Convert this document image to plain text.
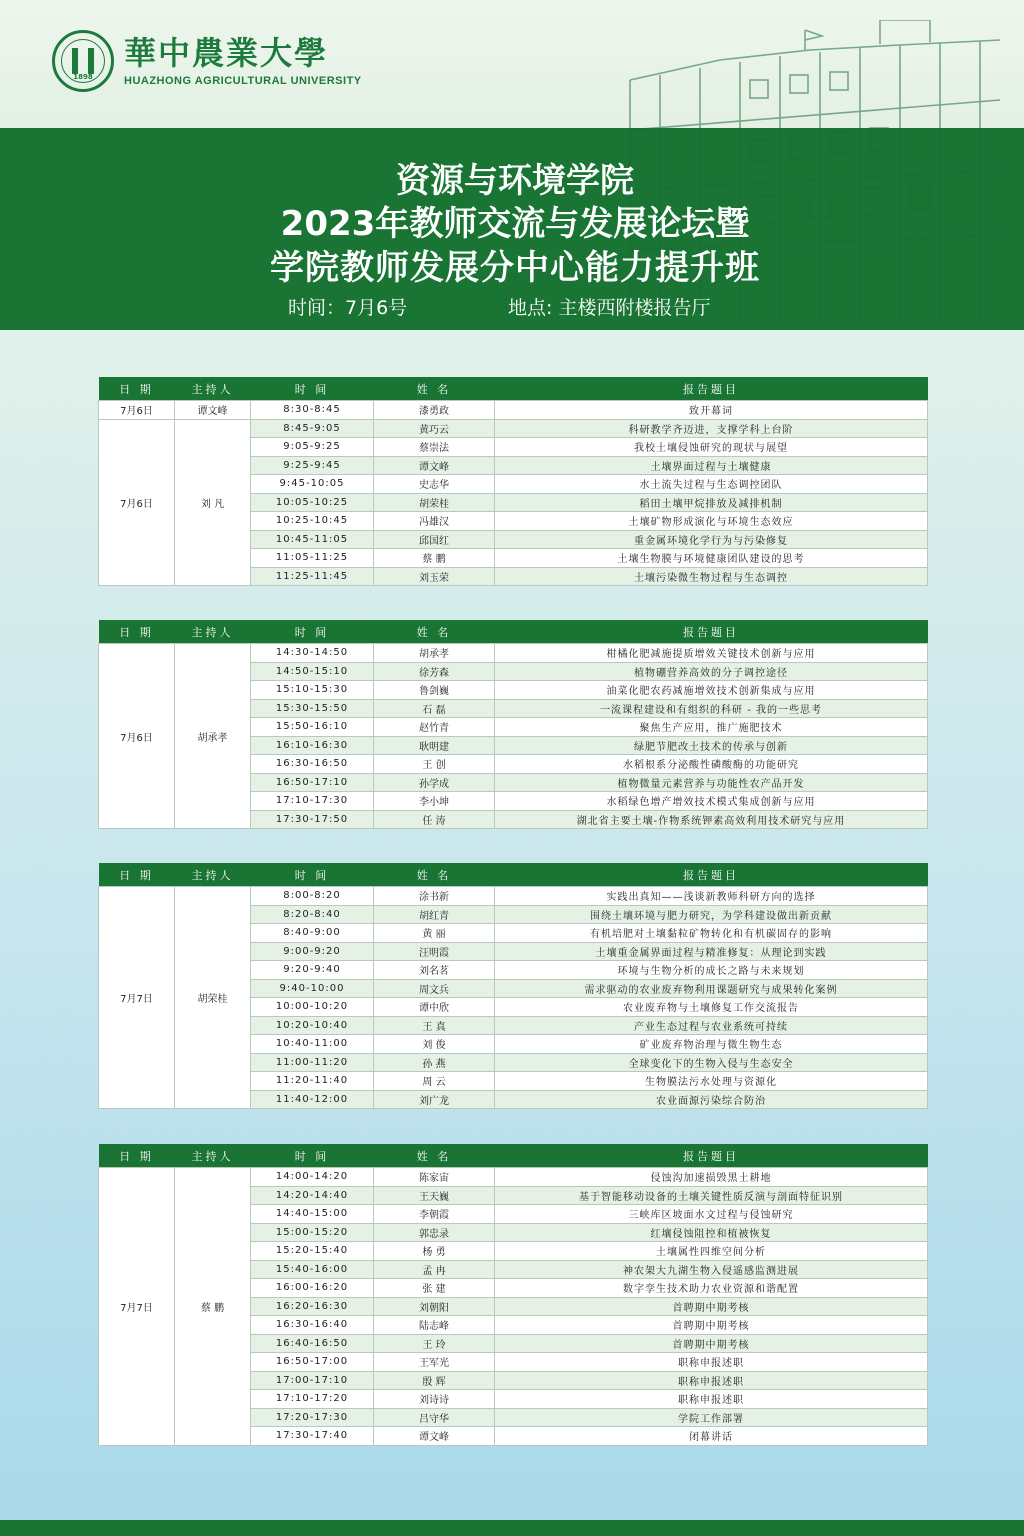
1898
華中農業大學
HUAZHONG AGRICULTURAL UNIVERSITY
资源与环境学院
2023年教师交流与发展论坛暨
学院教师发展分中心能力提升班
时间：7月6号	地点: 主楼西附楼报告厅
日 期	主持人	时 间	姓 名	报告题目
7月6日	谭文峰	8:30-8:45	漆勇政	致开幕词
7月6日	刘 凡	8:45-9:05	黄巧云	科研教学齐迈进，支撑学科上台阶
		9:05-9:25	蔡崇法	我校土壤侵蚀研究的现状与展望
		9:25-9:45	谭文峰	土壤界面过程与土壤健康
		9:45-10:05	史志华	水土流失过程与生态调控团队
		10:05-10:25	胡荣桂	稻田土壤甲烷排放及减排机制
		10:25-10:45	冯雄汉	土壤矿物形成演化与环境生态效应
		10:45-11:05	邱国红	重金属环境化学行为与污染修复
		11:05-11:25	蔡 鹏	土壤生物膜与环境健康团队建设的思考
		11:25-11:45	刘玉荣	土壤污染微生物过程与生态调控
日 期	主持人	时 间	姓 名	报告题目
7月6日	胡承孝	14:30-14:50	胡承孝	柑橘化肥减施提质增效关键技术创新与应用
		14:50-15:10	徐芳森	植物硼营养高效的分子调控途径
		15:10-15:30	鲁剑巍	油菜化肥农药减施增效技术创新集成与应用
		15:30-15:50	石 磊	一流课程建设和有组织的科研 - 我的一些思考
		15:50-16:10	赵竹青	聚焦生产应用，推广施肥技术
		16:10-16:30	耿明建	绿肥节肥改土技术的传承与创新
		16:30-16:50	王 创	水稻根系分泌酸性磷酸酶的功能研究
		16:50-17:10	孙学成	植物微量元素营养与功能性农产品开发
		17:10-17:30	李小坤	水稻绿色增产增效技术模式集成创新与应用
		17:30-17:50	任 涛	湖北省主要土壤-作物系统钾素高效利用技术研究与应用
日 期	主持人	时 间	姓 名	报告题目
7月7日	胡荣桂	8:00-8:20	涂书新	实践出真知——浅谈新教师科研方向的选择
		8:20-8:40	胡红青	围绕土壤环境与肥力研究，为学科建设做出新贡献
		8:40-9:00	黄 丽	有机培肥对土壤黏粒矿物转化和有机碳固存的影响
		9:00-9:20	汪明霞	土壤重金属界面过程与精准修复：从理论到实践
		9:20-9:40	刘名茗	环境与生物分析的成长之路与未来规划
		9:40-10:00	周文兵	需求驱动的农业废弃物利用课题研究与成果转化案例
		10:00-10:20	谭中欣	农业废弃物与土壤修复工作交流报告
		10:20-10:40	王 真	产业生态过程与农业系统可持续
		10:40-11:00	刘 俊	矿业废弃物治理与微生物生态
		11:00-11:20	孙 燕	全球变化下的生物入侵与生态安全
		11:20-11:40	周 云	生物膜法污水处理与资源化
		11:40-12:00	刘广龙	农业面源污染综合防治
日 期	主持人	时 间	姓 名	报告题目
7月7日	蔡 鹏	14:00-14:20	陈家宙	侵蚀沟加速损毁黑土耕地
		14:20-14:40	王天巍	基于智能移动设备的土壤关键性质反演与剖面特征识别
		14:40-15:00	李朝霞	三峡库区坡面水文过程与侵蚀研究
		15:00-15:20	郭忠录	红壤侵蚀阻控和植被恢复
		15:20-15:40	杨 勇	土壤属性四维空间分析
		15:40-16:00	孟 冉	神农架大九湖生物入侵遥感监测进展
		16:00-16:20	张 建	数字孪生技术助力农业资源和谐配置
		16:20-16:30	刘朝阳	首聘期中期考核
		16:30-16:40	陆志峰	首聘期中期考核
		16:40-16:50	王 玲	首聘期中期考核
		16:50-17:00	王军光	职称申报述职
		17:00-17:10	殷 辉	职称申报述职
		17:10-17:20	刘诗诗	职称申报述职
		17:20-17:30	吕守华	学院工作部署
		17:30-17:40	谭文峰	闭幕讲话
